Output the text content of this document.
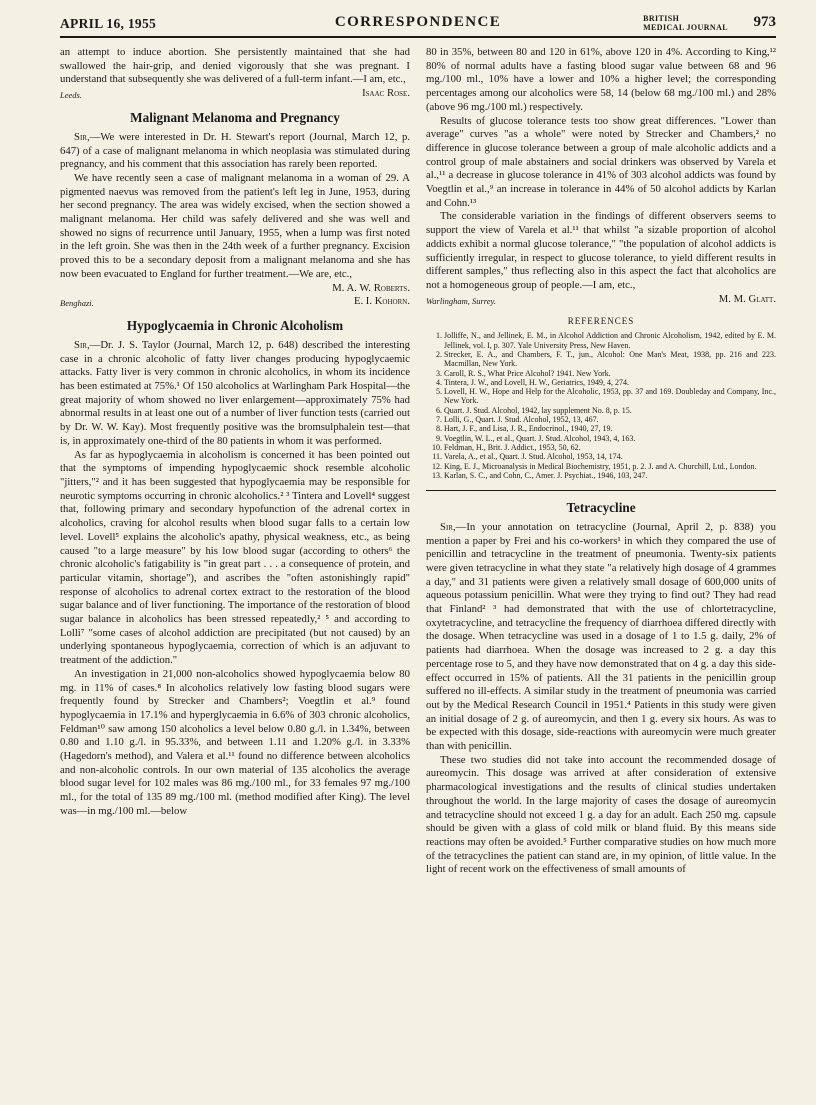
APRIL 16, 1955	CORRESPONDENCE	BRITISH
MEDICAL JOURNAL 973

an attempt to induce abortion. She persistently maintained that she had swallowed the hair-grip, and denied vigorously that she was pregnant. I understand that subsequently she was delivered of a full-term infant.—I am, etc.,

Leeds.	Isaac Rose.

Malignant Melanoma and Pregnancy

Sir,—We were interested in Dr. H. Stewart's report (Journal, March 12, p. 647) of a case of malignant melanoma in which neoplasia was stimulated during pregnancy, and his comment that this association has rarely been reported.

We have recently seen a case of malignant melanoma in a woman of 29. A pigmented naevus was removed from the patient's left leg in June, 1953, during her second pregnancy. The area was widely excised, when the section showed a malignant melanoma. Her child was safely delivered and she was well and showed no signs of recurrence until January, 1955, when a lump was first noted in the left groin. She was then in the 24th week of a further pregnancy. Excision proved this to be a secondary deposit from a malignant melanoma and she has now been evacuated to England for further treatment.—We are, etc.,

M. A. W. Roberts.

Benghazi.	E. I. Kohorn.

Hypoglycaemia in Chronic Alcoholism

Sir,—Dr. J. S. Taylor (Journal, March 12, p. 648) described the interesting case in a chronic alcoholic of fatty liver changes producing hypoglycaemic attacks. Fatty liver is very common in chronic alcoholics, in whom its incidence has been estimated at 75%.¹ Of 150 alcoholics at Warlingham Park Hospital—the great majority of whom showed no liver enlargement—approximately 75% had abnormal results in at least one out of a number of liver function tests (carried out by Dr. W. W. Kay). Most frequently positive was the bromsulphalein test—that is, in approximately one-third of the 80 patients in whom it was performed.

As far as hypoglycaemia in alcoholism is concerned it has been pointed out that the symptoms of impending hypoglycaemic shock resemble alcoholic "jitters,"² and it has been suggested that hypoglycaemia may be responsible for neurotic symptoms occurring in chronic alcoholics.² ³ Tintera and Lovell⁴ suggest that, following primary and secondary hypofunction of the adrenal cortex in alcoholics, craving for alcohol results when blood sugar falls to a certain low level. Lovell⁵ explains the alcoholic's apathy, physical weakness, etc., as being caused "to a large measure" by his low blood sugar (according to others⁶ the chronic alcoholic's fatigability is "in great part . . . a consequence of protein, and particular vitamin, shortage"), and ascribes the "often astonishingly rapid" response of alcoholics to adrenal cortex extract to the restoration of the blood sugar balance and of liver functioning. The importance of the restoration of blood sugar balance in alcoholics has been stressed repeatedly,² ⁵ and according to Lolli⁷ "some cases of alcohol addiction are precipitated (but not caused) by an underlying spontaneous hypoglycaemia, correction of which is an adjuvant to treatment of the addiction."

An investigation in 21,000 non-alcoholics showed hypoglycaemia below 80 mg. in 11% of cases.⁸ In alcoholics relatively low fasting blood sugars were frequently found by Strecker and Chambers²; Voegtlin et al.⁹ found hypoglycaemia in 17.1% and hyperglycaemia in 6.6% of 303 chronic alcoholics, Feldman¹⁰ saw among 150 alcoholics a level below 0.80 g./l. in 1.34%, between 0.80 and 1.10 g./l. in 95.33%, and between 1.11 and 1.20% g./l. in 3.33% (Hagedorn's method), and Valera et al.¹¹ found no difference between alcoholics and non-alcoholic controls. In our own material of 135 alcoholics the average blood sugar level for 102 males was 86 mg./100 ml., for 33 females 97 mg./100 ml., for the total of 135 89 mg./100 ml. (method modified after King). The level was—in mg./100 ml.—below

80 in 35%, between 80 and 120 in 61%, above 120 in 4%. According to King,¹² 80% of normal adults have a fasting blood sugar value between 68 and 96 mg./100 ml., 10% have a lower and 10% a higher level; the corresponding percentages among our alcoholics were 58, 14 (below 68 mg./100 ml.) and 28% (above 96 mg./100 ml.) respectively.

Results of glucose tolerance tests too show great differences. "Lower than average" curves "as a whole" were noted by Strecker and Chambers,² no difference in glucose tolerance between a group of male alcoholic addicts and a control group of male abstainers and social drinkers was observed by Varela et al.,¹¹ a decrease in glucose tolerance in 41% of 303 alcohol addicts was found by Voegtlin et al.,⁹ an increase in tolerance in 44% of 50 alcohol addicts by Karlan and Cohn.¹³

The considerable variation in the findings of different observers seems to support the view of Varela et al.¹¹ that whilst "a sizable proportion of alcohol addicts exhibit a normal glucose tolerance," "the population of alcohol addicts is sufficiently irregular, in respect to glucose tolerance, to yield different results in different samples," thus reflecting also in this aspect the fact that alcoholics are not a homogeneous group of people.—I am, etc.,

Warlingham, Surrey.	M. M. Glatt.

REFERENCES
1. Jolliffe, N., and Jellinek, E. M., in Alcohol Addiction and Chronic Alcoholism, 1942, edited by E. M. Jellinek, vol. I, p. 307. Yale University Press, New Haven.
2. Strecker, E. A., and Chambers, F. T., jun., Alcohol: One Man's Meat, 1938, pp. 216 and 223. Macmillan, New York.
3. Caroll, R. S., What Price Alcohol? 1941. New York.
4. Tintera, J. W., and Lovell, H. W., Geriatrics, 1949, 4, 274.
5. Lovell, H. W., Hope and Help for the Alcoholic, 1953, pp. 37 and 169. Doubleday and Company, Inc., New York.
6. Quart. J. Stud. Alcohol, 1942, lay supplement No. 8, p. 15.
7. Lolli, G., Quart. J. Stud. Alcohol, 1952, 13, 467.
8. Hart, J. F., and Lisa, J. R., Endocrinol., 1940, 27, 19.
9. Voegtlin, W. L., et al., Quart. J. Stud. Alcohol, 1943, 4, 163.
10. Feldman, H., Brit. J. Addict., 1953, 50, 62.
11. Varela, A., et al., Quart. J. Stud. Alcohol, 1953, 14, 174.
12. King, E. J., Microanalysis in Medical Biochemistry, 1951, p. 2. J. and A. Churchill, Ltd., London.
13. Karlan, S. C., and Cohn, C., Amer. J. Psychiat., 1946, 103, 247.
Tetracycline

Sir,—In your annotation on tetracycline (Journal, April 2, p. 838) you mention a paper by Frei and his co-workers¹ in which they compared the use of penicillin and tetracycline in the treatment of pneumonia. Twenty-six patients were given tetracycline in what they state "a relatively high dosage of 4 grammes a day," and 31 patients were given a relatively small dosage of 600,000 units of aqueous potassium penicillin. What were they trying to find out? They had read that Finland² ³ had demonstrated that with the use of chlortetracycline, oxytetracycline, and tetracycline the frequency of diarrhoea differed directly with the dosage. When tetracycline was used in a dosage of 1 to 1.5 g. daily, 2% of patients had diarrhoea. When the dosage was increased to 2 g. a day this percentage rose to 5, and they have now demonstrated that on 4 g. a day this side-effect occurred in 15% of patients. All the 31 patients in the penicillin group suffered no ill-effects. A similar study in the treatment of pneumonia was carried out by the Medical Research Council in 1951.⁴ Patients in this study were given an initial dosage of 2 g. of aureomycin, and then 1 g. every six hours. As was to be expected with this dosage, side-reactions with aureomycin were much greater than with penicillin.

These two studies did not take into account the recommended dosage of aureomycin. This dosage was arrived at after consideration of extensive pharmacological investigations and the results of clinical studies undertaken throughout the world. In the large majority of cases the dosage of aureomycin and tetracycline should not exceed 1 g. a day for an adult. Each 250 mg. capsule should be given with a glass of cold milk or bland fluid. By this means side reactions may often be avoided.⁵ Further comparative studies on how much more of the tetracyclines the patient can stand are, in my opinion, of little value. In the light of recent work on the effectiveness of small amounts of
